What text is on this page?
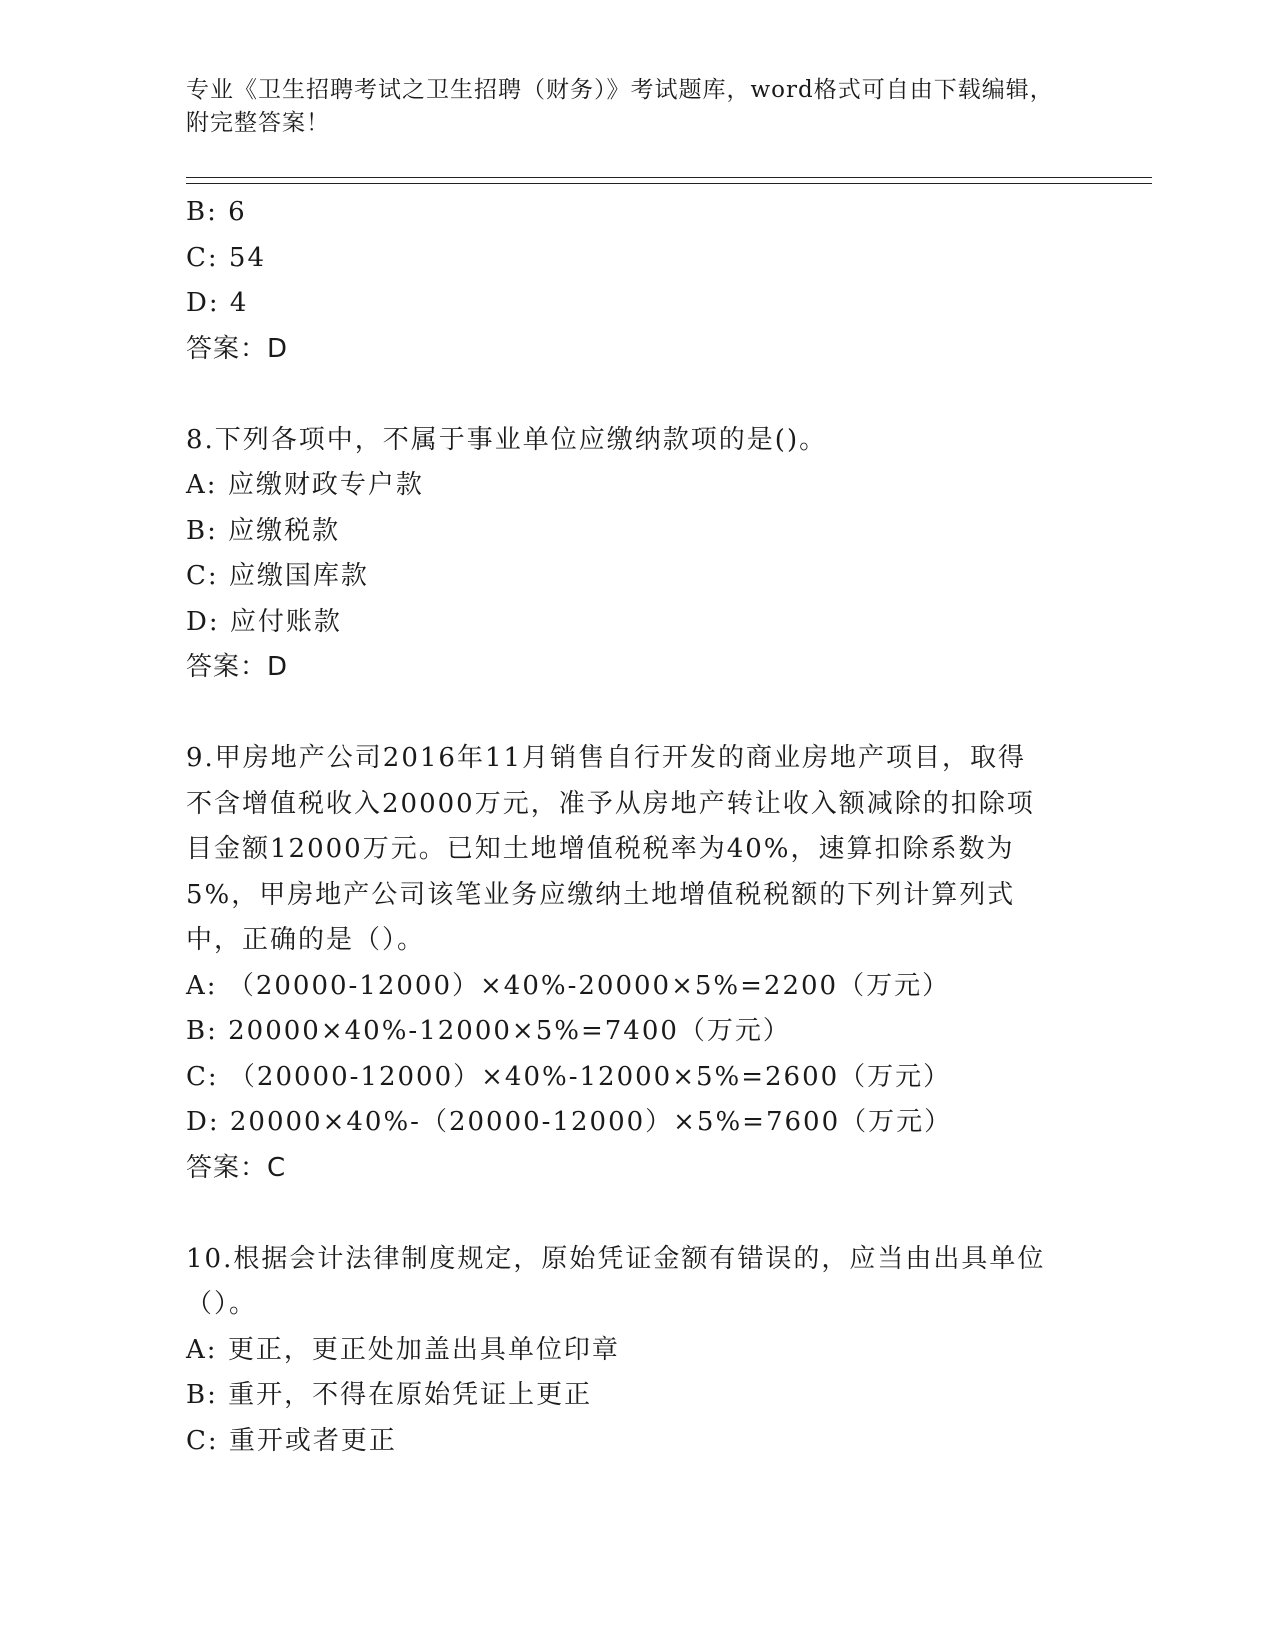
专业《卫生招聘考试之卫生招聘（财务）》考试题库，word格式可自由下载编辑，附完整答案！
B: 6
C: 54
D: 4
答案：D
8.下列各项中，不属于事业单位应缴纳款项的是()。
A: 应缴财政专户款
B: 应缴税款
C: 应缴国库款
D: 应付账款
答案：D
9.甲房地产公司2016年11月销售自行开发的商业房地产项目，取得不含增值税收入20000万元，准予从房地产转让收入额减除的扣除项目金额12000万元。已知土地增值税税率为40%，速算扣除系数为5%，甲房地产公司该笔业务应缴纳土地增值税税额的下列计算列式中，正确的是（）。
A: （20000-12000）×40%-20000×5%=2200（万元）
B: 20000×40%-12000×5%=7400（万元）
C: （20000-12000）×40%-12000×5%=2600（万元）
D: 20000×40%-（20000-12000）×5%=7600（万元）
答案：C
10.根据会计法律制度规定，原始凭证金额有错误的，应当由出具单位（）。
A: 更正，更正处加盖出具单位印章
B: 重开，不得在原始凭证上更正
C: 重开或者更正
